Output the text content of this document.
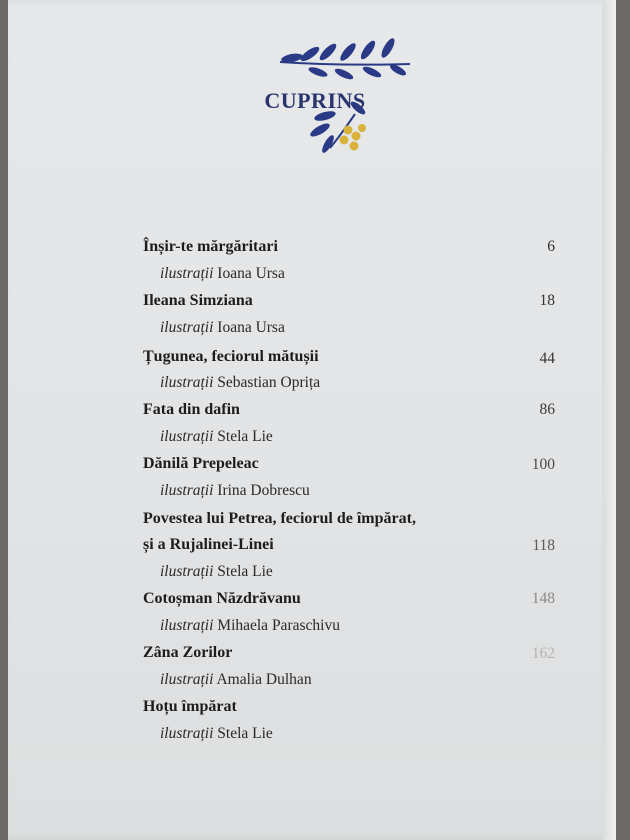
CUPRINS
Înșir-te mărgăritari	6
ilustrații Ioana Ursa
Ileana Simziana	18
ilustrații Ioana Ursa
Țugunea, feciorul mătușii	44
ilustrații Sebastian Oprița
Fata din dafin	86
ilustrații Stela Lie
Dănilă Prepeleac	100
ilustrații Irina Dobrescu
Povestea lui Petrea, feciorul de împărat,
și a Rujalinei-Linei	118
ilustrații Stela Lie
Cotoșman Năzdrăvanu	148
ilustrații Mihaela Paraschivu
Zâna Zorilor	162
ilustrații Amalia Dulhan
Hoțu împărat
ilustrații Stela Lie
